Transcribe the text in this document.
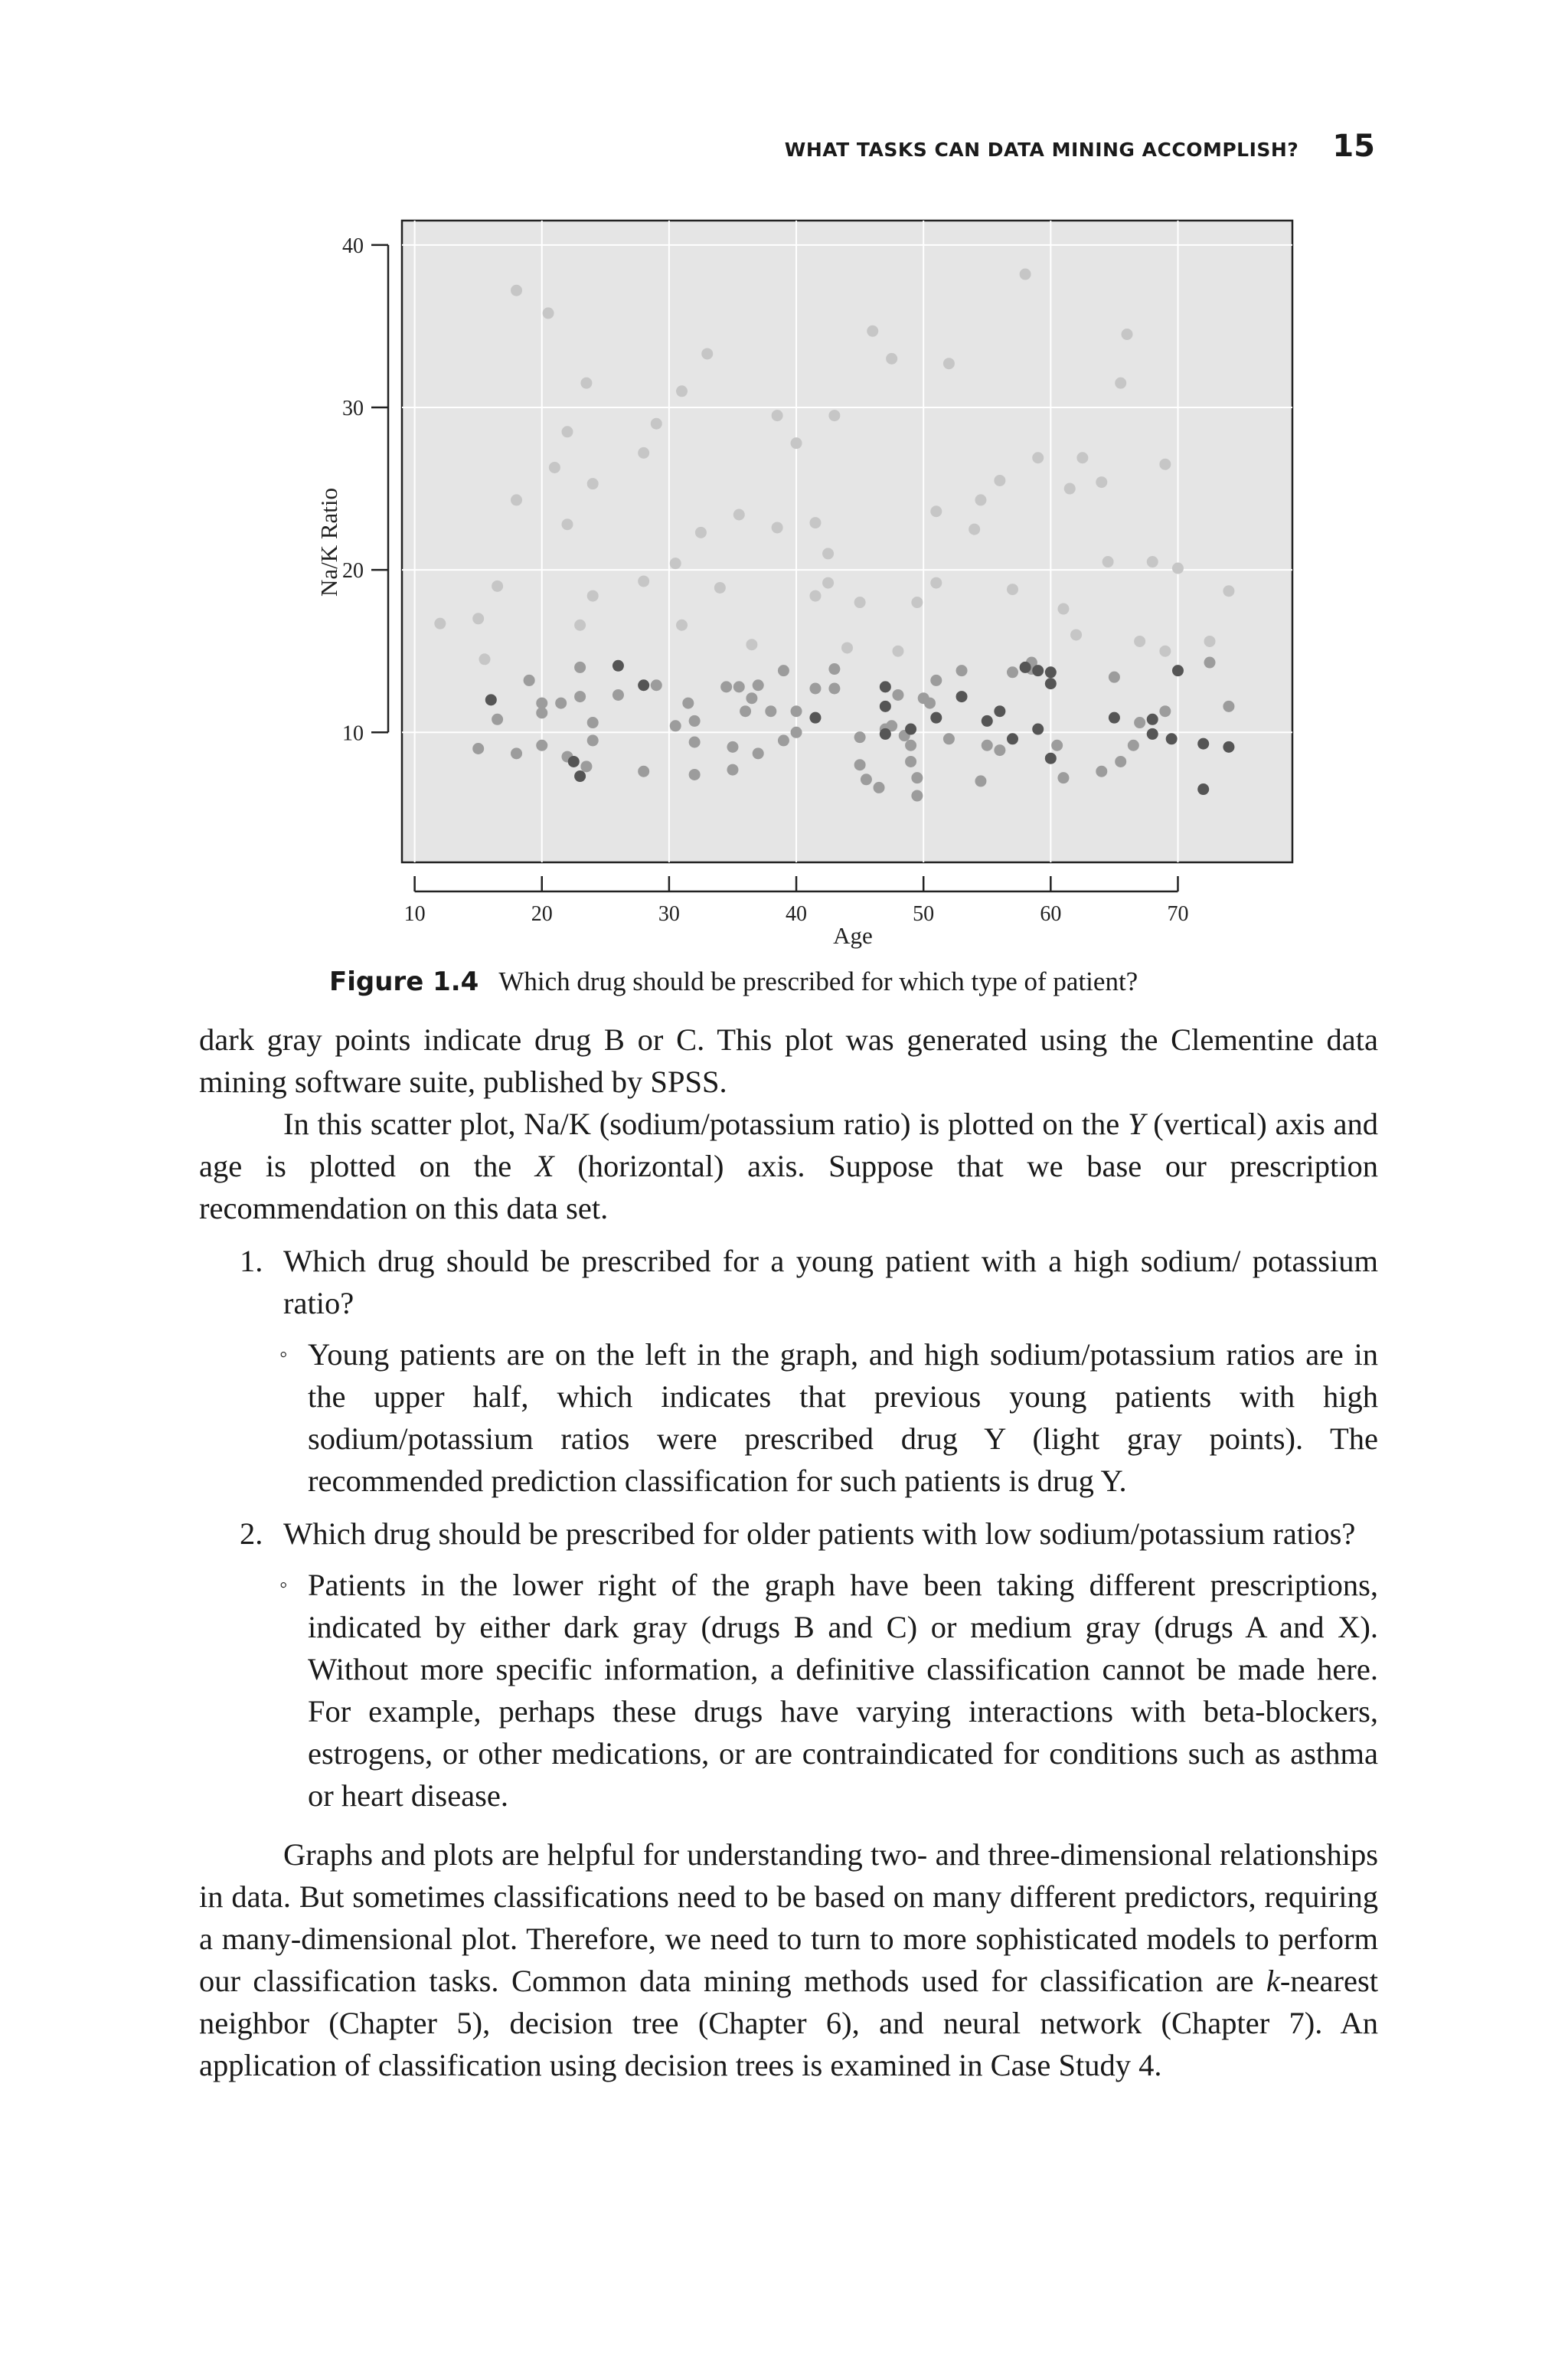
WHAT TASKS CAN DATA MINING ACCOMPLISH? 15
10	20	30	40	50	60	70
10
20
30
40
Age
Na/K Ratio
Figure 1.4 Which drug should be prescribed for which type of patient?

dark gray points indicate drug B or C. This plot was generated using the Clementine data mining software suite, published by SPSS.

In this scatter plot, Na/K (sodium/potassium ratio) is plotted on the Y (vertical) axis and age is plotted on the X (horizontal) axis. Suppose that we base our prescription recommendation on this data set.

1. Which drug should be prescribed for a young patient with a high sodium/ potassium ratio?

◦ Young patients are on the left in the graph, and high sodium/potassium ratios are in the upper half, which indicates that previous young patients with high sodium/potassium ratios were prescribed drug Y (light gray points). The recommended prediction classification for such patients is drug Y.

2. Which drug should be prescribed for older patients with low sodium/potassium ratios?

◦ Patients in the lower right of the graph have been taking different prescriptions, indicated by either dark gray (drugs B and C) or medium gray (drugs A and X). Without more specific information, a definitive classification cannot be made here. For example, perhaps these drugs have varying interactions with beta-blockers, estrogens, or other medications, or are contraindicated for conditions such as asthma or heart disease.

Graphs and plots are helpful for understanding two- and three-dimensional relationships in data. But sometimes classifications need to be based on many different predictors, requiring a many-dimensional plot. Therefore, we need to turn to more sophisticated models to perform our classification tasks. Common data mining methods used for classification are k-nearest neighbor (Chapter 5), decision tree (Chapter 6), and neural network (Chapter 7). An application of classification using decision trees is examined in Case Study 4.
